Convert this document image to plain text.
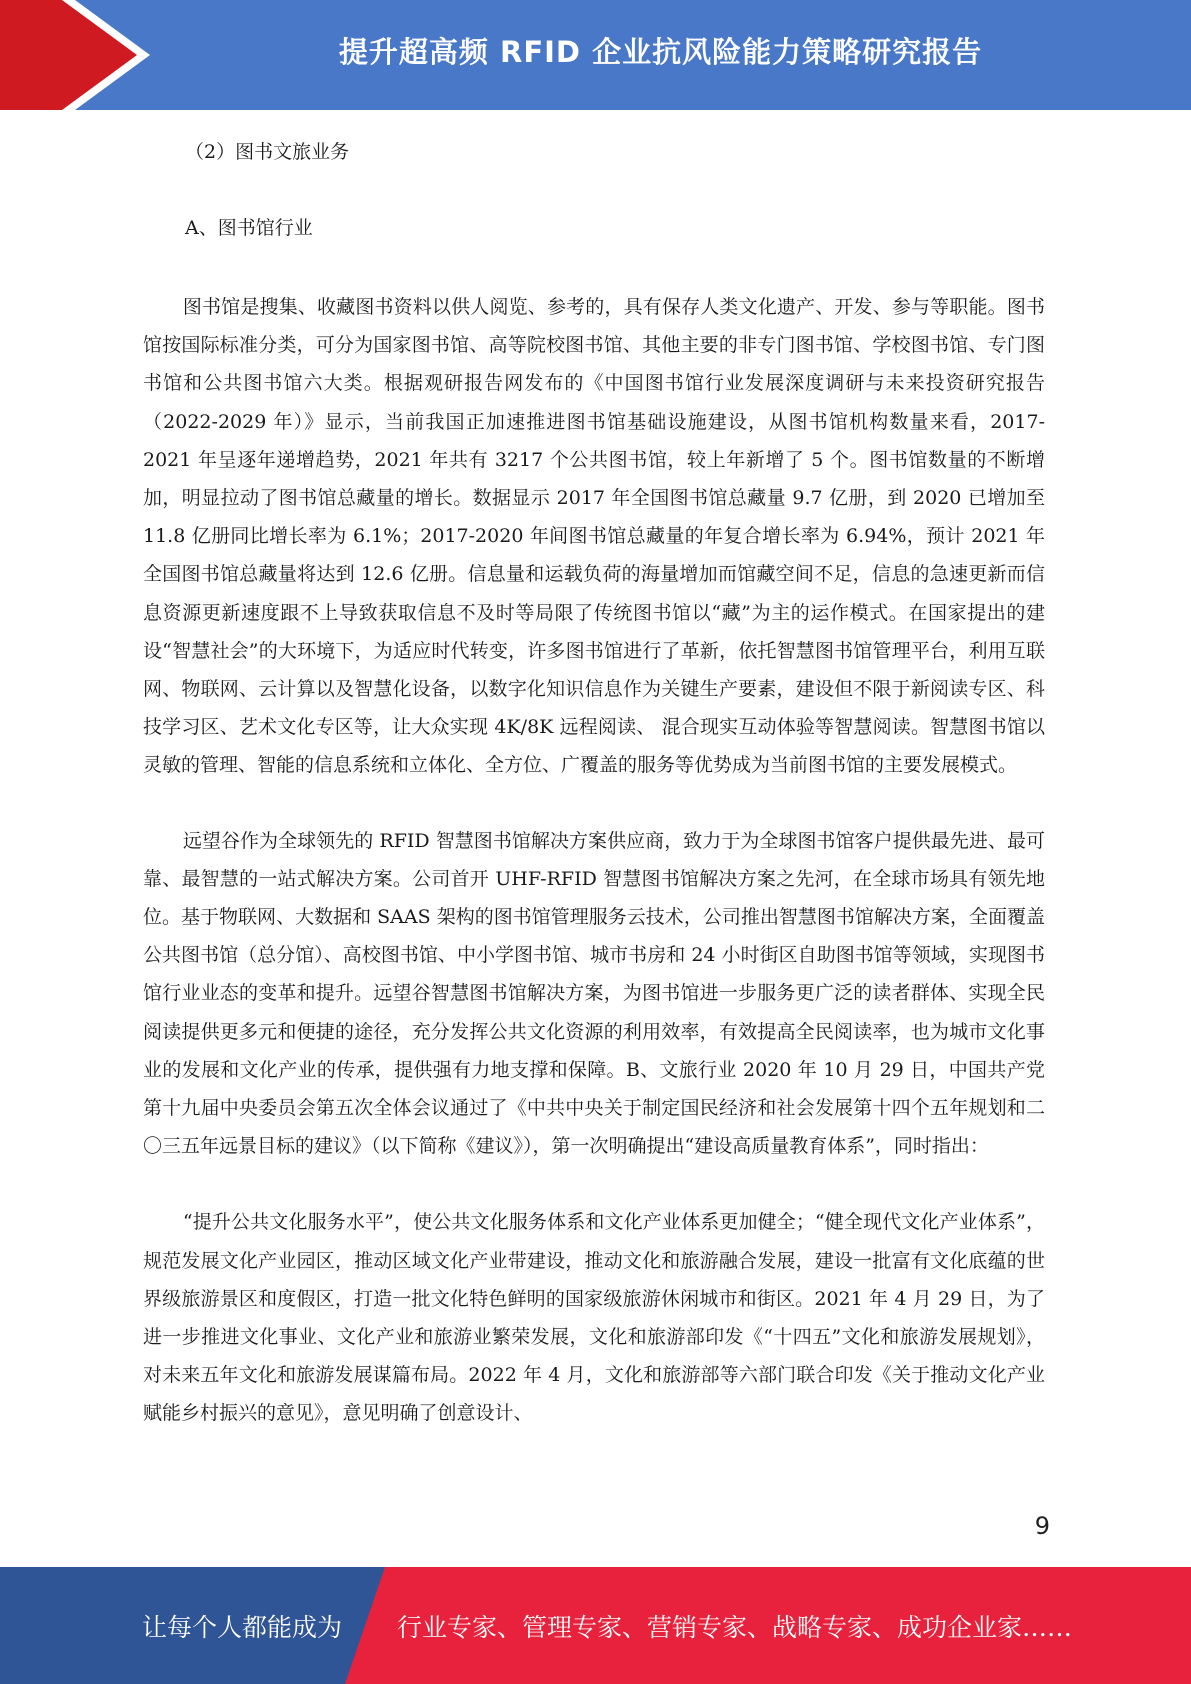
提升超高频 RFID 企业抗风险能力策略研究报告

（2）图书文旅业务

A、图书馆行业

图书馆是搜集、收藏图书资料以供人阅览、参考的，具有保存人类文化遗产、开发、参与等职能。图书馆按国际标准分类，可分为国家图书馆、高等院校图书馆、其他主要的非专门图书馆、学校图书馆、专门图书馆和公共图书馆六大类。根据观研报告网发布的《中国图书馆行业发展深度调研与未来投资研究报告（2022-2029 年）》显示，当前我国正加速推进图书馆基础设施建设，从图书馆机构数量来看，2017-2021 年呈逐年递增趋势，2021 年共有 3217 个公共图书馆，较上年新增了 5 个。图书馆数量的不断增加，明显拉动了图书馆总藏量的增长。数据显示 2017 年全国图书馆总藏量 9.7 亿册，到 2020 已增加至 11.8 亿册同比增长率为 6.1%；2017-2020 年间图书馆总藏量的年复合增长率为 6.94%，预计 2021 年全国图书馆总藏量将达到 12.6 亿册。信息量和运载负荷的海量增加而馆藏空间不足，信息的急速更新而信息资源更新速度跟不上导致获取信息不及时等局限了传统图书馆以“藏”为主的运作模式。在国家提出的建设“智慧社会”的大环境下，为适应时代转变，许多图书馆进行了革新，依托智慧图书馆管理平台，利用互联网、物联网、云计算以及智慧化设备，以数字化知识信息作为关键生产要素，建设但不限于新阅读专区、科技学习区、艺术文化专区等，让大众实现 4K/8K 远程阅读、 混合现实互动体验等智慧阅读。智慧图书馆以灵敏的管理、智能的信息系统和立体化、全方位、广覆盖的服务等优势成为当前图书馆的主要发展模式。

远望谷作为全球领先的 RFID 智慧图书馆解决方案供应商，致力于为全球图书馆客户提供最先进、最可靠、最智慧的一站式解决方案。公司首开 UHF-RFID 智慧图书馆解决方案之先河，在全球市场具有领先地位。基于物联网、大数据和 SAAS 架构的图书馆管理服务云技术，公司推出智慧图书馆解决方案，全面覆盖公共图书馆（总分馆）、高校图书馆、中小学图书馆、城市书房和 24 小时街区自助图书馆等领域，实现图书馆行业业态的变革和提升。远望谷智慧图书馆解决方案，为图书馆进一步服务更广泛的读者群体、实现全民阅读提供更多元和便捷的途径，充分发挥公共文化资源的利用效率，有效提高全民阅读率，也为城市文化事业的发展和文化产业的传承，提供强有力地支撑和保障。B、文旅行业 2020 年 10 月 29 日，中国共产党第十九届中央委员会第五次全体会议通过了《中共中央关于制定国民经济和社会发展第十四个五年规划和二〇三五年远景目标的建议》（以下简称《建议》），第一次明确提出“建设高质量教育体系”，同时指出：

“提升公共文化服务水平”，使公共文化服务体系和文化产业体系更加健全；“健全现代文化产业体系”，规范发展文化产业园区，推动区域文化产业带建设，推动文化和旅游融合发展，建设一批富有文化底蕴的世界级旅游景区和度假区，打造一批文化特色鲜明的国家级旅游休闲城市和街区。2021 年 4 月 29 日，为了进一步推进文化事业、文化产业和旅游业繁荣发展，文化和旅游部印发《“十四五”文化和旅游发展规划》，对未来五年文化和旅游发展谋篇布局。2022 年 4 月，文化和旅游部等六部门联合印发《关于推动文化产业赋能乡村振兴的意见》，意见明确了创意设计、

9
让每个人都能成为 行业专家、管理专家、营销专家、战略专家、成功企业家……
